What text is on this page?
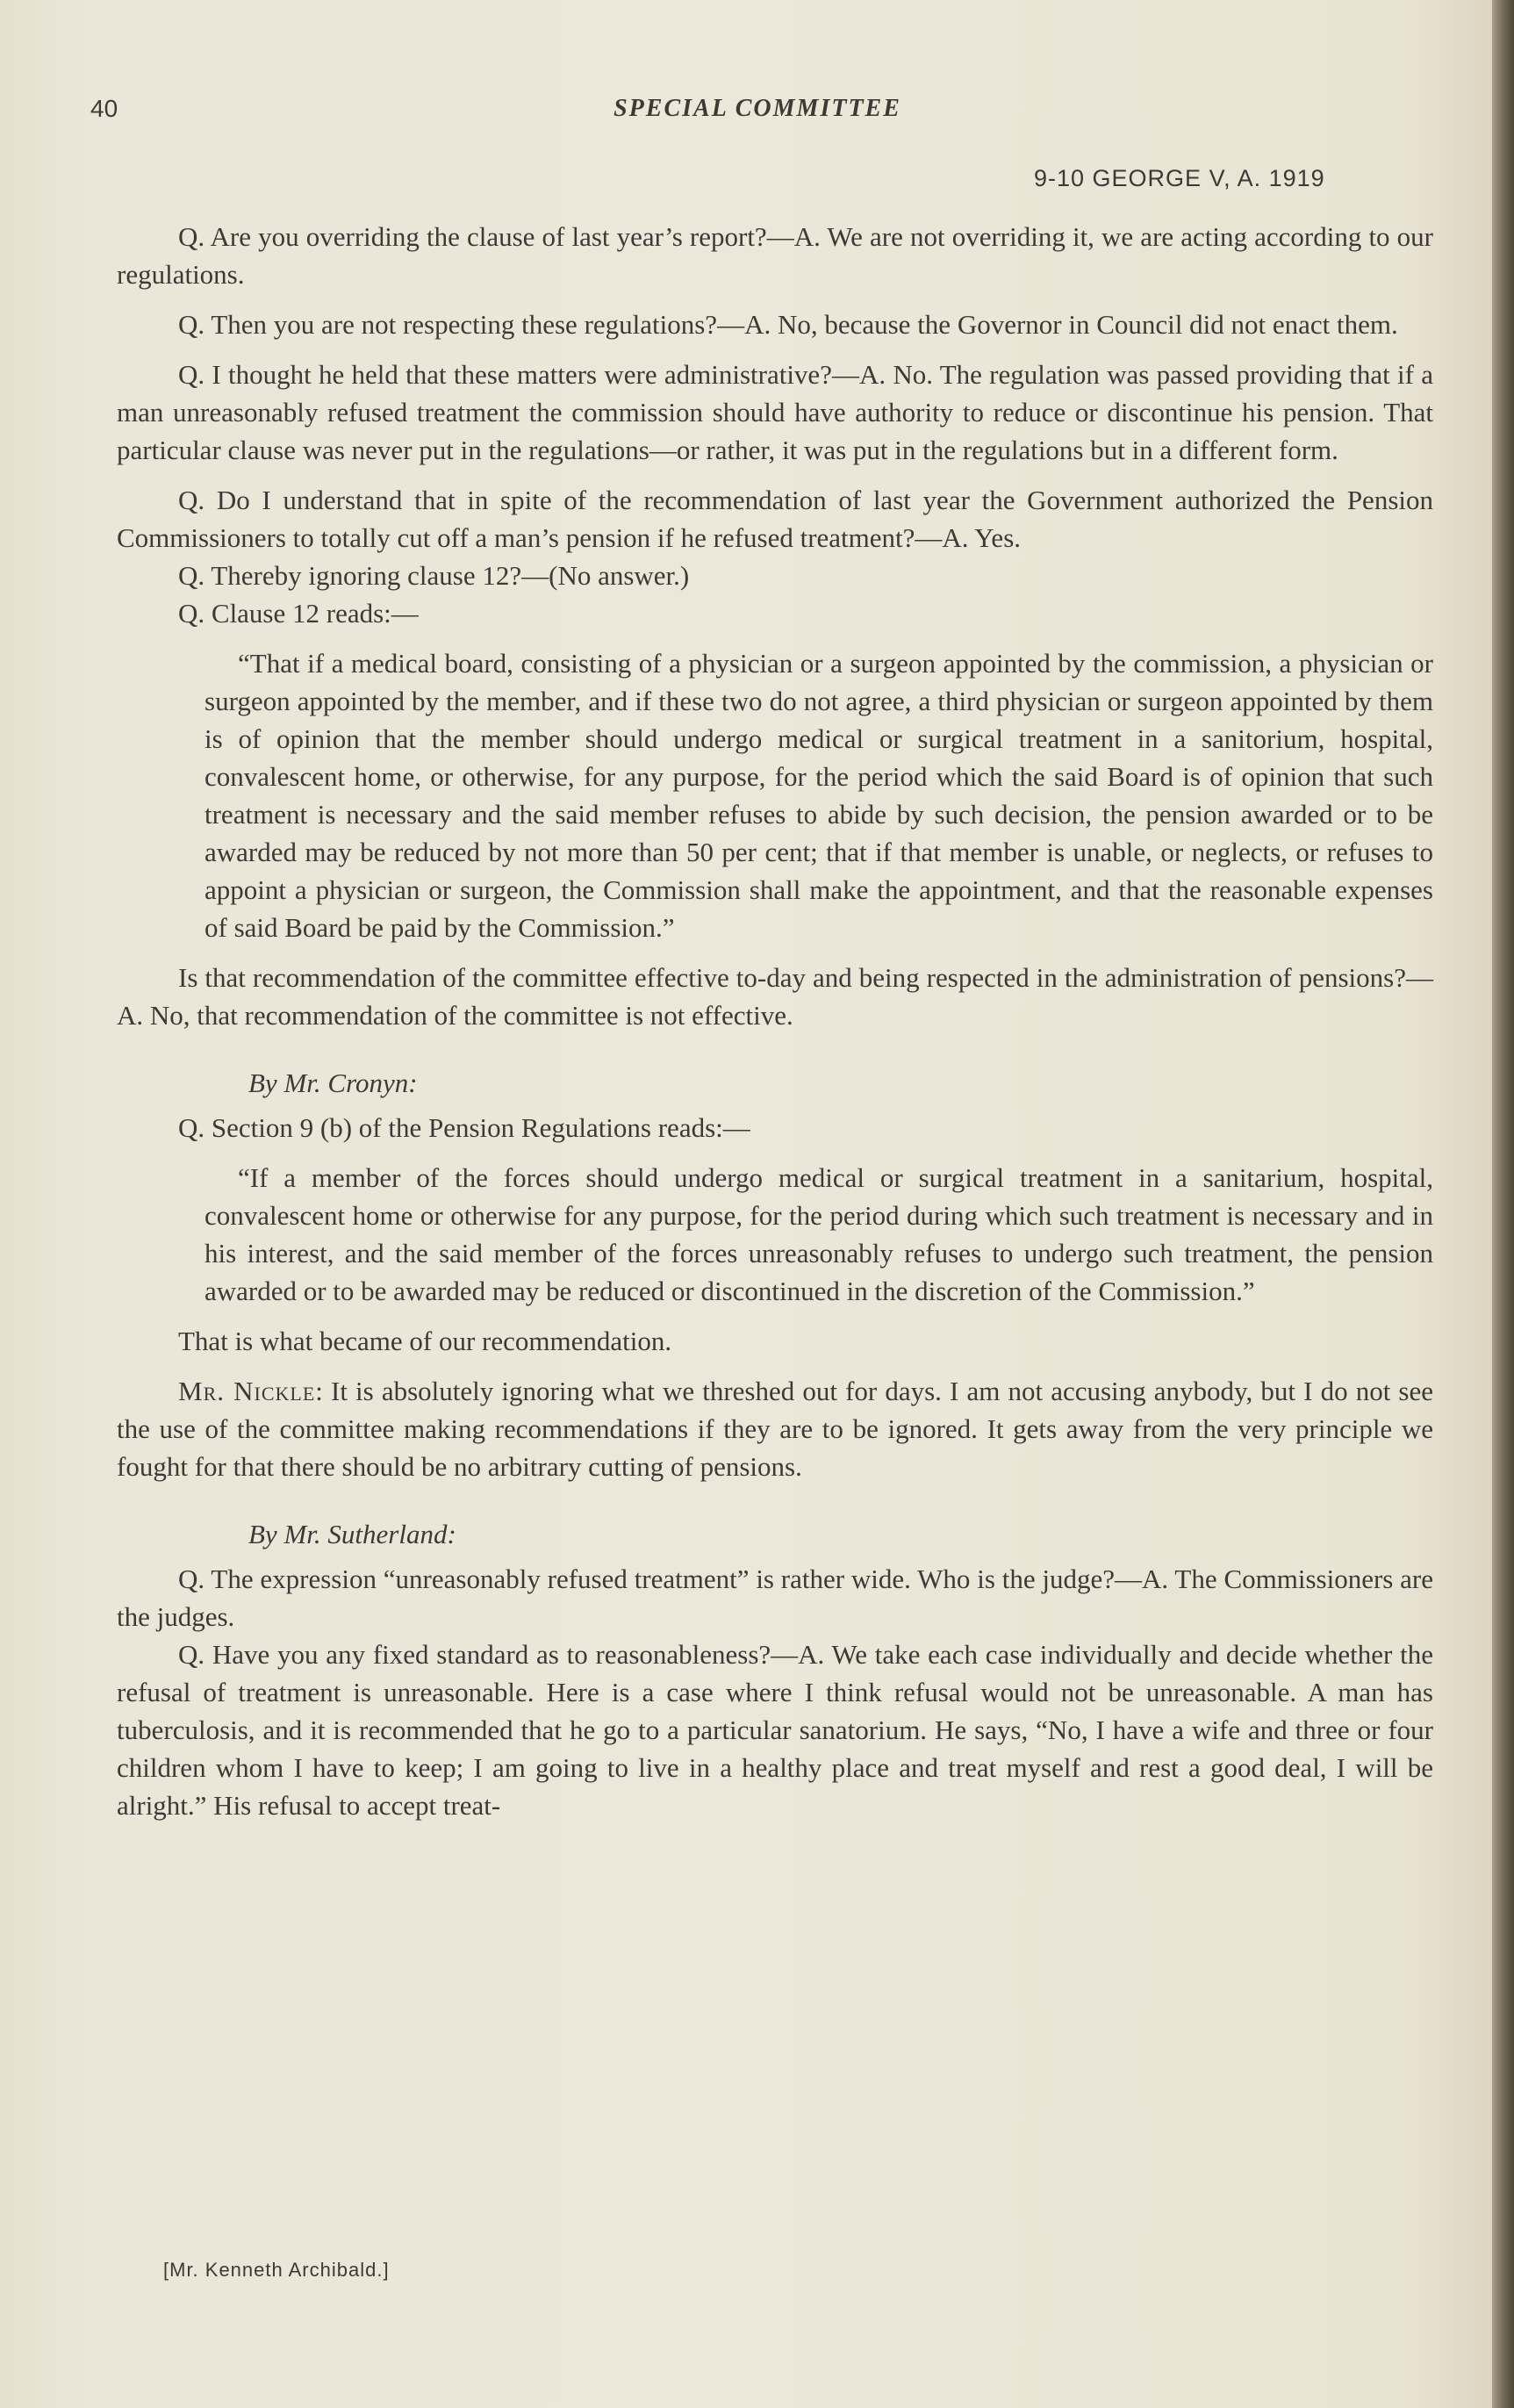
40	SPECIAL COMMITTEE
9-10 GEORGE V, A. 1919

Q. Are you overriding the clause of last year’s report?—A. We are not overriding it, we are acting according to our regulations.

Q. Then you are not respecting these regulations?—A. No, because the Governor in Council did not enact them.

Q. I thought he held that these matters were administrative?—A. No. The regulation was passed providing that if a man unreasonably refused treatment the commission should have authority to reduce or discontinue his pension. That particular clause was never put in the regulations—or rather, it was put in the regulations but in a different form.

Q. Do I understand that in spite of the recommendation of last year the Government authorized the Pension Commissioners to totally cut off a man’s pension if he refused treatment?—A. Yes.

Q. Thereby ignoring clause 12?—(No answer.)

Q. Clause 12 reads:—

“That if a medical board, consisting of a physician or a surgeon appointed by the commission, a physician or surgeon appointed by the member, and if these two do not agree, a third physician or surgeon appointed by them is of opinion that the member should undergo medical or surgical treatment in a sanitorium, hospital, convalescent home, or otherwise, for any purpose, for the period which the said Board is of opinion that such treatment is necessary and the said member refuses to abide by such decision, the pension awarded or to be awarded may be reduced by not more than 50 per cent; that if that member is unable, or neglects, or refuses to appoint a physician or surgeon, the Commission shall make the appointment, and that the reasonable expenses of said Board be paid by the Commission.”

Is that recommendation of the committee effective to-day and being respected in the administration of pensions?—A. No, that recommendation of the committee is not effective.

By Mr. Cronyn:

Q. Section 9 (b) of the Pension Regulations reads:—

“If a member of the forces should undergo medical or surgical treatment in a sanitarium, hospital, convalescent home or otherwise for any purpose, for the period during which such treatment is necessary and in his interest, and the said member of the forces unreasonably refuses to undergo such treatment, the pension awarded or to be awarded may be reduced or discontinued in the discretion of the Commission.”

That is what became of our recommendation.

Mr. Nickle: It is absolutely ignoring what we threshed out for days. I am not accusing anybody, but I do not see the use of the committee making recommendations if they are to be ignored. It gets away from the very principle we fought for that there should be no arbitrary cutting of pensions.

By Mr. Sutherland:

Q. The expression “unreasonably refused treatment” is rather wide. Who is the judge?—A. The Commissioners are the judges.

Q. Have you any fixed standard as to reasonableness?—A. We take each case individually and decide whether the refusal of treatment is unreasonable. Here is a case where I think refusal would not be unreasonable. A man has tuberculosis, and it is recommended that he go to a particular sanatorium. He says, “No, I have a wife and three or four children whom I have to keep; I am going to live in a healthy place and treat myself and rest a good deal, I will be alright.” His refusal to accept treat-

[Mr. Kenneth Archibald.]
